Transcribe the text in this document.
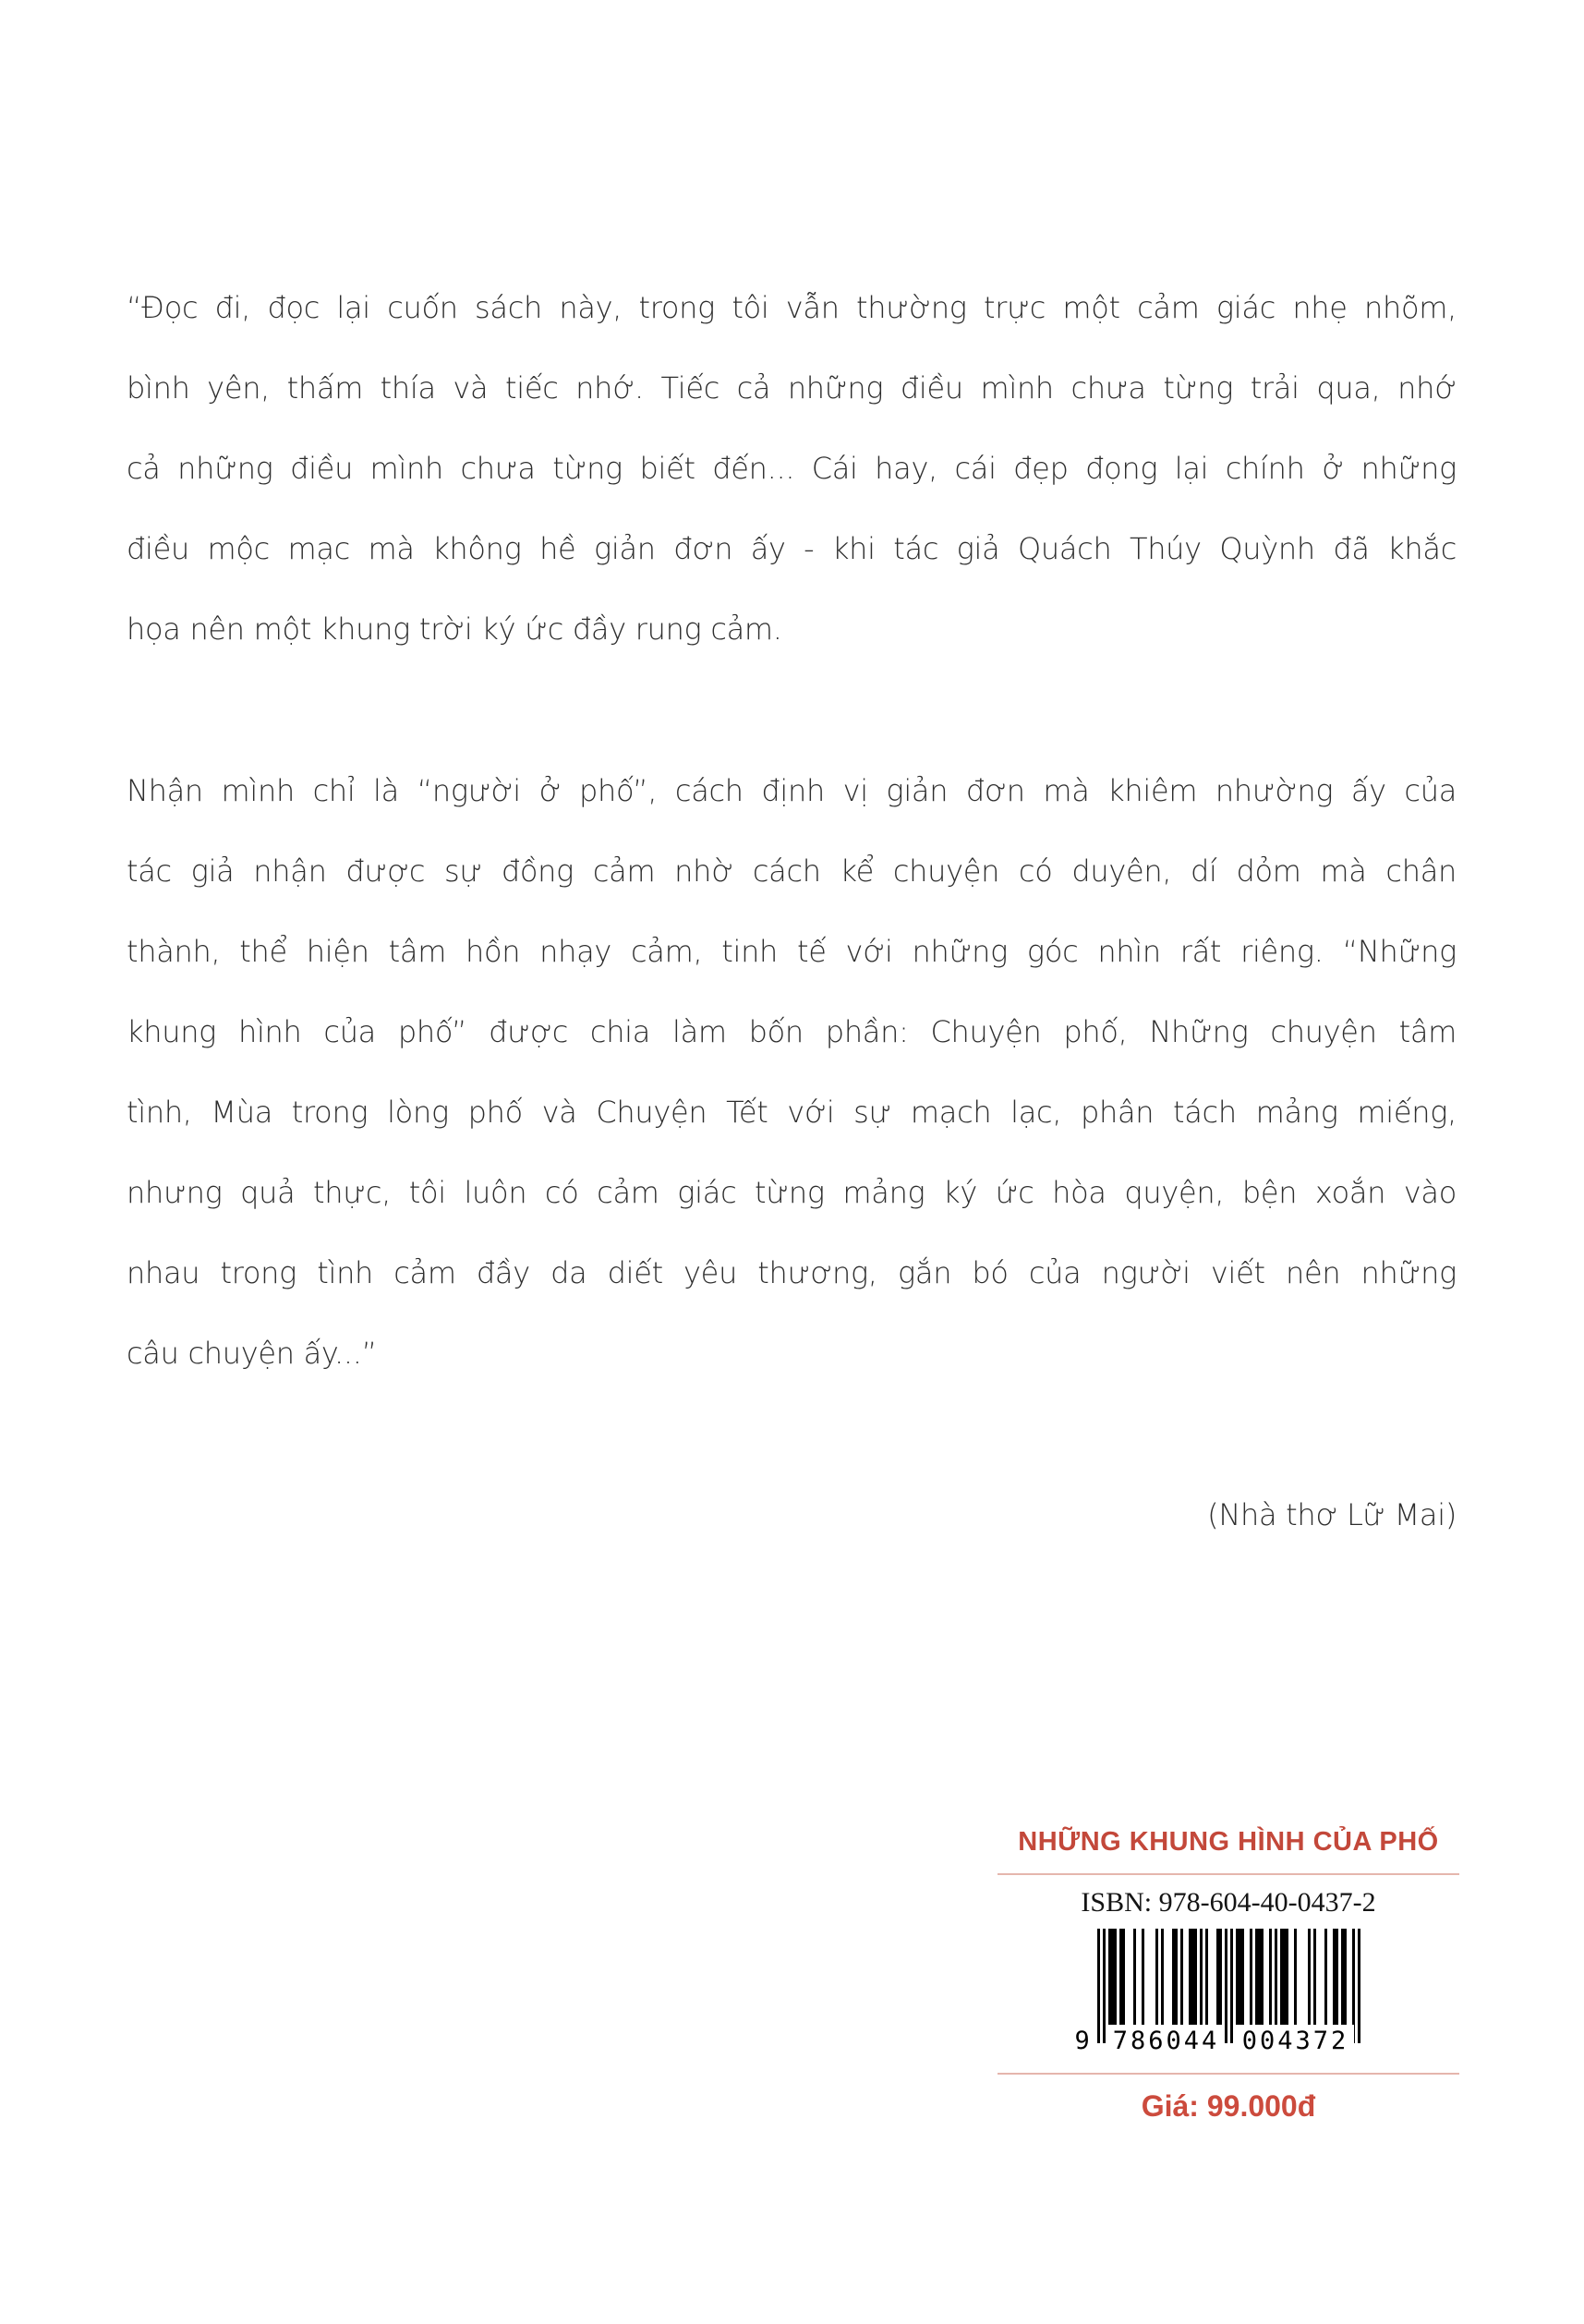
“Đọc đi, đọc lại cuốn sách này, trong tôi vẫn thường trực một cảm giác nhẹ nhõm,
bình yên, thấm thía và tiếc nhớ. Tiếc cả những điều mình chưa từng trải qua, nhớ
cả những điều mình chưa từng biết đến... Cái hay, cái đẹp đọng lại chính ở những
điều mộc mạc mà không hề giản đơn ấy - khi tác giả Quách Thúy Quỳnh đã khắc
họa nên một khung trời ký ức đầy rung cảm.
Nhận mình chỉ là “người ở phố”, cách định vị giản đơn mà khiêm nhường ấy của
tác giả nhận được sự đồng cảm nhờ cách kể chuyện có duyên, dí dỏm mà chân
thành, thể hiện tâm hồn nhạy cảm, tinh tế với những góc nhìn rất riêng. “Những
khung hình của phố” được chia làm bốn phần: Chuyện phố, Những chuyện tâm
tình, Mùa trong lòng phố và Chuyện Tết với sự mạch lạc, phân tách mảng miếng,
nhưng quả thực, tôi luôn có cảm giác từng mảng ký ức hòa quyện, bện xoắn vào
nhau trong tình cảm đầy da diết yêu thương, gắn bó của người viết nên những
câu chuyện ấy...”
(Nhà thơ Lữ Mai)
NHỮNG KHUNG HÌNH CỦA PHỐ
ISBN: 978-604-40-0437-2
9 786044 004372
Giá: 99.000đ
